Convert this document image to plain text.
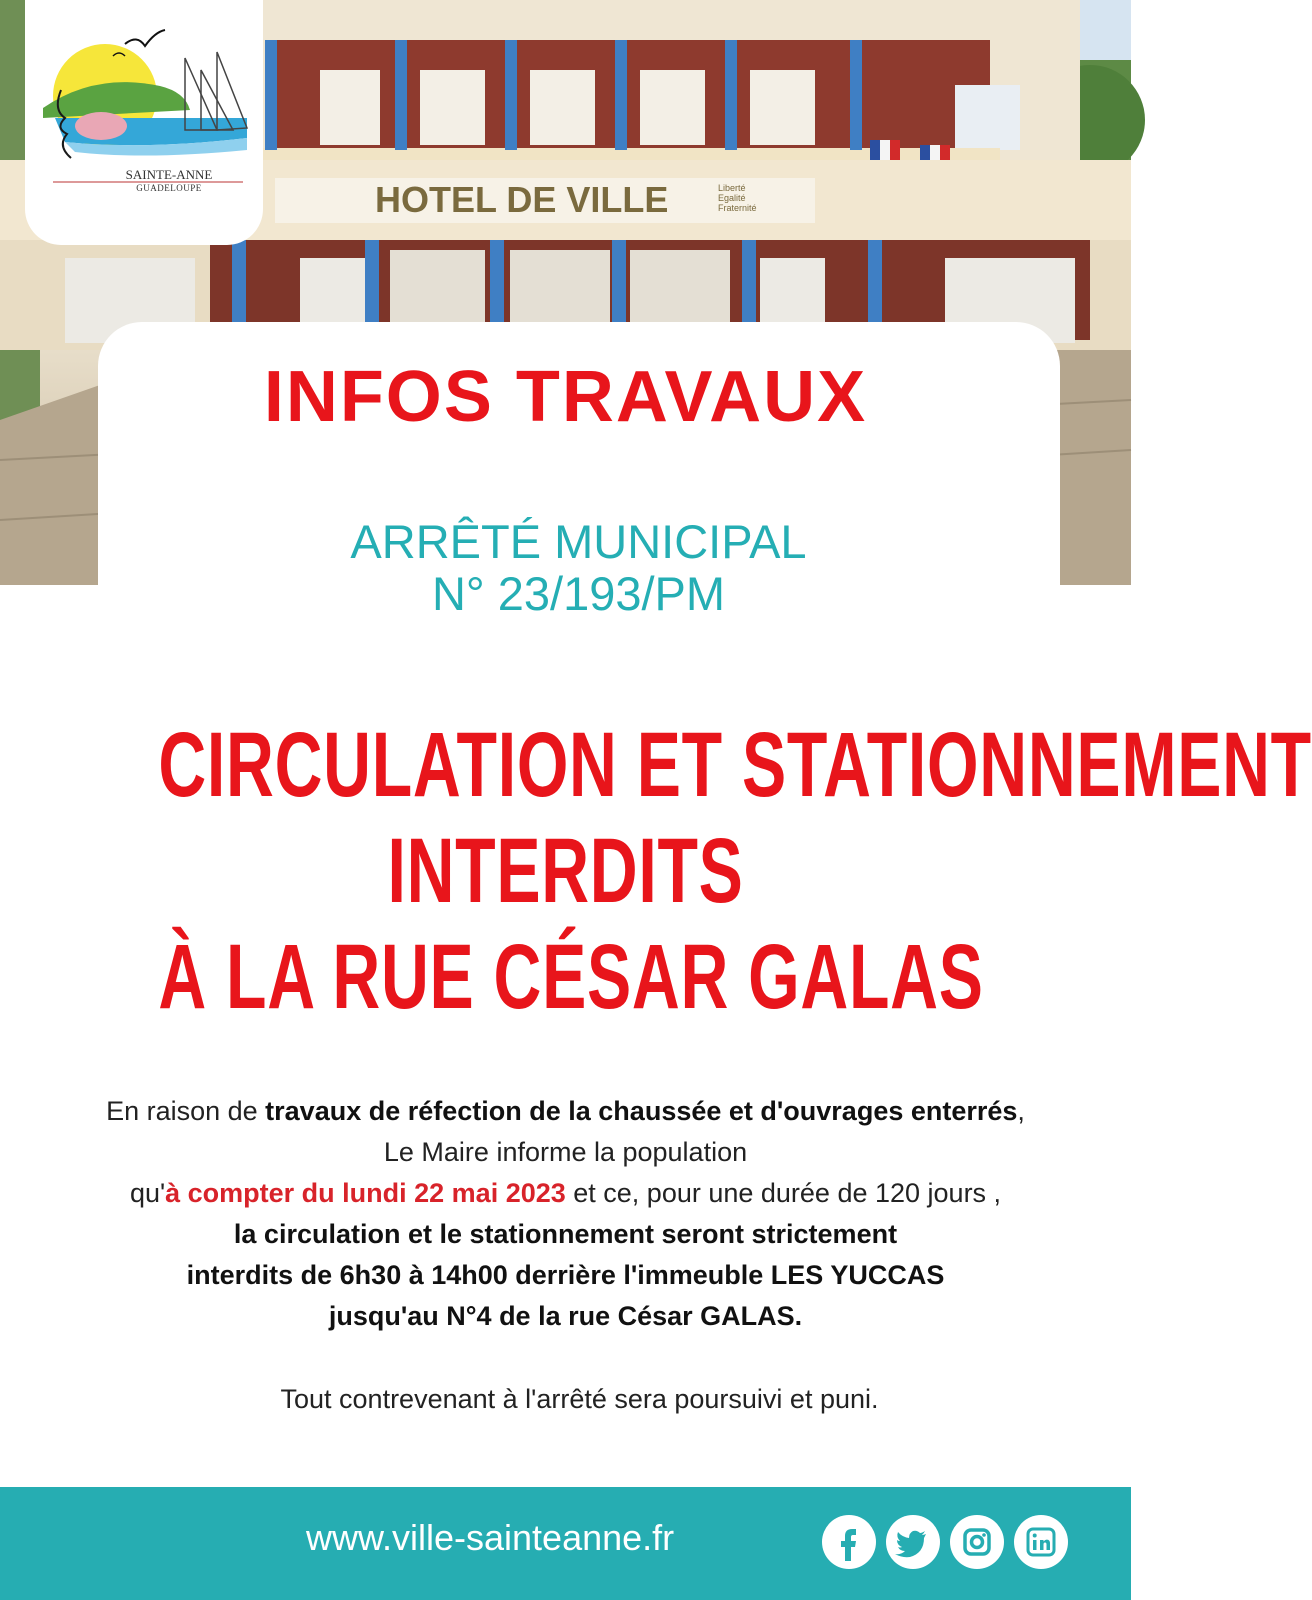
HOTEL DE VILLE	Liberté
Egalité
Fraternité
SAINTE-ANNE
GUADELOUPE
INFOS TRAVAUX
ARRÊTÉ MUNICIPAL
N° 23/193/PM
CIRCULATION ET STATIONNEMENT
INTERDITS
À LA RUE CÉSAR GALAS
En raison de travaux de réfection de la chaussée et d'ouvrages enterrés,
Le Maire informe la population
qu'à compter du lundi 22 mai 2023 et ce, pour une durée de 120 jours ,
la circulation et le stationnement seront strictement
interdits de 6h30 à 14h00 derrière l'immeuble LES YUCCAS
jusqu'au N°4 de la rue César GALAS.
Tout contrevenant à l'arrêté sera poursuivi et puni.
www.ville-sainteanne.fr
